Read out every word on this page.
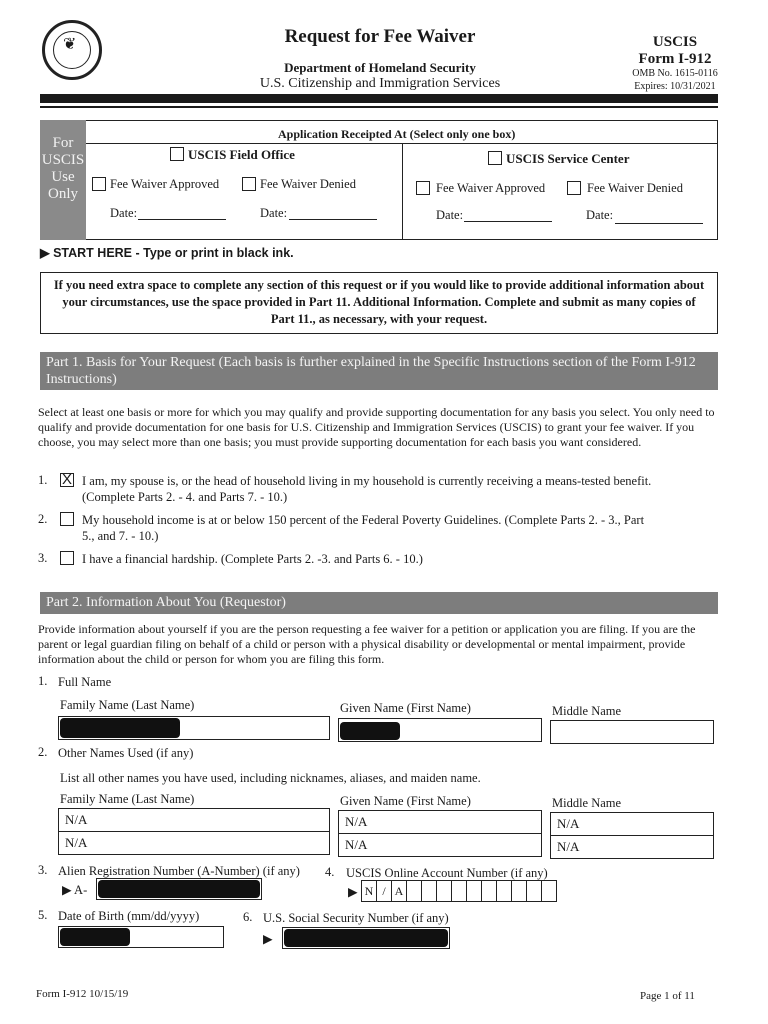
❦	Request for Fee Waiver
Department of Homeland Security
U.S. Citizenship and Immigration Services
USCIS
Form I-912
OMB No. 1615-0116
Expires: 10/31/2021
For
USCIS
Use
Only
Application Receipted At (Select only one box)
USCIS Field Office
Fee Waiver Approved	Fee Waiver Denied
Date:	Date:
USCIS Service Center
Fee Waiver Approved	Fee Waiver Denied
Date:	Date:
▶ START HERE - Type or print in black ink.
If you need extra space to complete any section of this request or if you would like to provide additional information about your circumstances, use the space provided in Part 11. Additional Information. Complete and submit as many copies of Part 11., as necessary, with your request.
Part 1. Basis for Your Request (Each basis is further explained in the Specific Instructions section of the Form I-912 Instructions)
Select at least one basis or more for which you may qualify and provide supporting documentation for any basis you select. You only need to qualify and provide documentation for one basis for U.S. Citizenship and Immigration Services (USCIS) to grant your fee waiver. If you choose, you may select more than one basis; you must provide supporting documentation for each basis you want considered.
1.
X	I am, my spouse is, or the head of household living in my household is currently receiving a means-tested benefit.
(Complete Parts 2. - 4. and Parts 7. - 10.)
2.	My household income is at or below 150 percent of the Federal Poverty Guidelines. (Complete Parts 2. - 3., Part
5., and 7. - 10.)
3.	I have a financial hardship. (Complete Parts 2. -3. and Parts 6. - 10.)
Part 2. Information About You (Requestor)
Provide information about yourself if you are the person requesting a fee waiver for a petition or application you are filing. If you are the parent or legal guardian filing on behalf of a child or person with a physical disability or developmental or mental impairment, provide information about the child or person for whom you are filing this form.
1. Full Name
Family Name (Last Name)	Given Name (First Name)	Middle Name
2. Other Names Used (if any)
List all other names you have used, including nicknames, aliases, and maiden name.
Family Name (Last Name)	Given Name (First Name)	Middle Name
N/A	N/A	N/A
N/A	N/A	N/A
3. Alien Registration Number (A-Number) (if any)
▶ A-
4. USCIS Online Account Number (if any)
▶ N / A
5. Date of Birth (mm/dd/yyyy)	6. U.S. Social Security Number (if any)
▶
Form I-912 10/15/19	Page 1 of 11
